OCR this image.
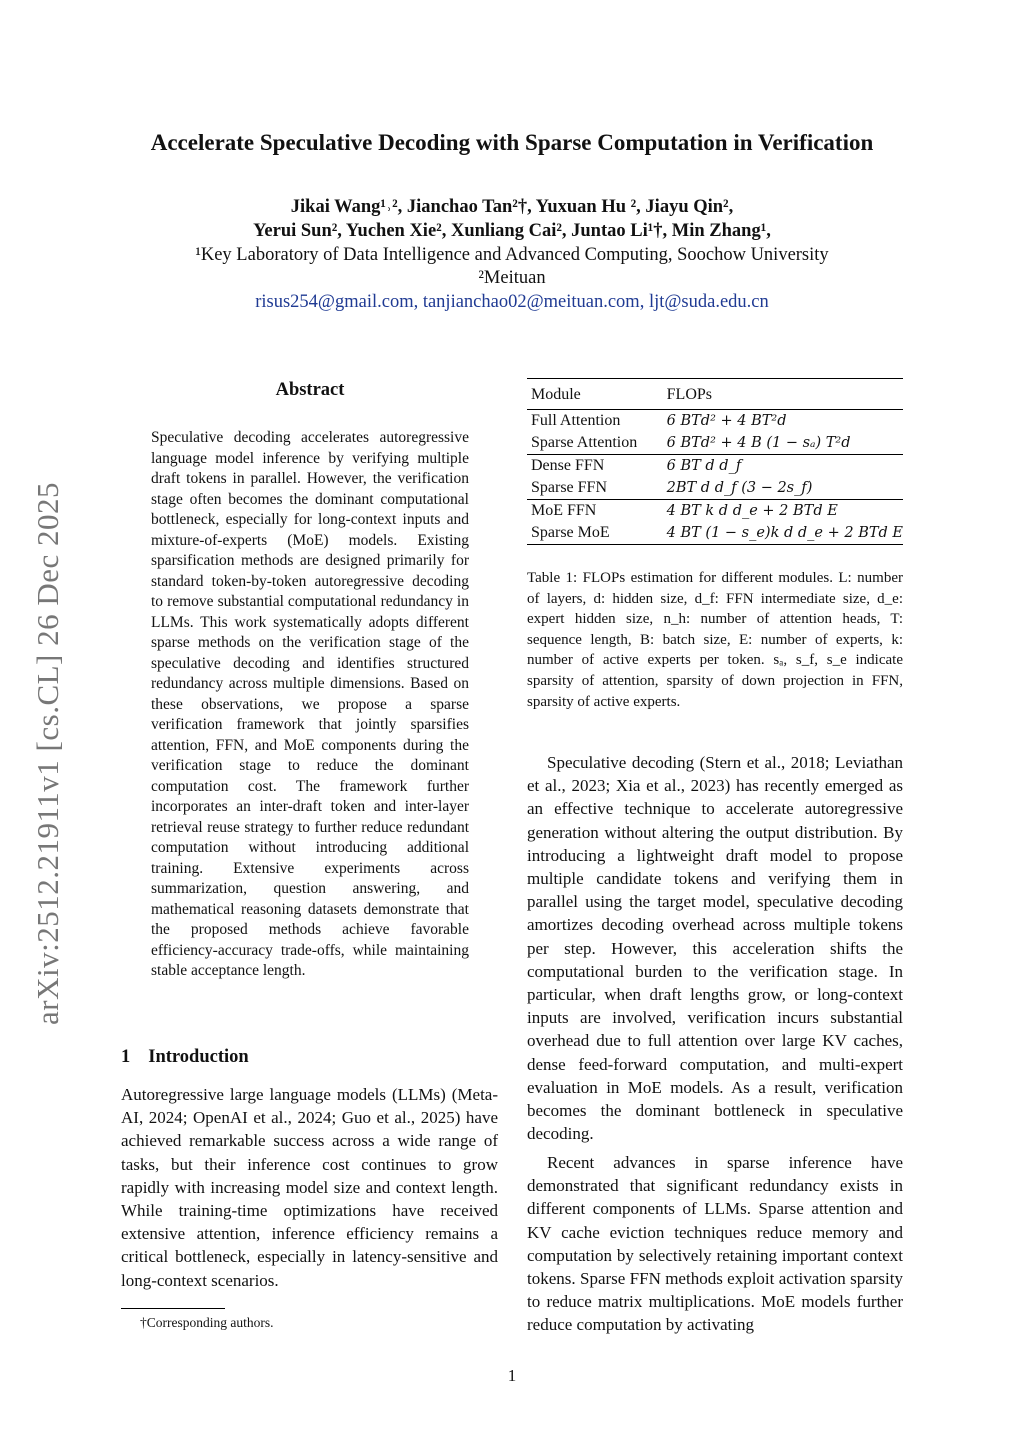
arXiv:2512.21911v1 [cs.CL] 26 Dec 2025
Accelerate Speculative Decoding with Sparse Computation in Verification
Jikai Wang¹˒², Jianchao Tan²†, Yuxuan Hu ², Jiayu Qin²,
Yerui Sun², Yuchen Xie², Xunliang Cai², Juntao Li¹†, Min Zhang¹,
¹Key Laboratory of Data Intelligence and Advanced Computing, Soochow University
²Meituan
risus254@gmail.com, tanjianchao02@meituan.com, ljt@suda.edu.cn
Abstract
Speculative decoding accelerates autoregressive language model inference by verifying multiple draft tokens in parallel. However, the verification stage often becomes the dominant computational bottleneck, especially for long-context inputs and mixture-of-experts (MoE) models. Existing sparsification methods are designed primarily for standard token-by-token autoregressive decoding to remove substantial computational redundancy in LLMs. This work systematically adopts different sparse methods on the verification stage of the speculative decoding and identifies structured redundancy across multiple dimensions. Based on these observations, we propose a sparse verification framework that jointly sparsifies attention, FFN, and MoE components during the verification stage to reduce the dominant computation cost. The framework further incorporates an inter-draft token and inter-layer retrieval reuse strategy to further reduce redundant computation without introducing additional training. Extensive experiments across summarization, question answering, and mathematical reasoning datasets demonstrate that the proposed methods achieve favorable efficiency-accuracy trade-offs, while maintaining stable acceptance length.
1 Introduction
Autoregressive large language models (LLMs) (Meta-AI, 2024; OpenAI et al., 2024; Guo et al., 2025) have achieved remarkable success across a wide range of tasks, but their inference cost continues to grow rapidly with increasing model size and context length. While training-time optimizations have received extensive attention, inference efficiency remains a critical bottleneck, especially in latency-sensitive and long-context scenarios.
Module	FLOPs
Full Attention	6 BTd² + 4 BT²d
Sparse Attention	6 BTd² + 4 B (1 − sₐ) T²d
Dense FFN	6 BT d d_f
Sparse FFN	2BT d d_f (3 − 2s_f)
MoE FFN	4 BT k d d_e + 2 BTd E
Sparse MoE	4 BT (1 − s_e)k d d_e + 2 BTd E
Table 1: FLOPs estimation for different modules. L: number of layers, d: hidden size, d_f: FFN intermediate size, d_e: expert hidden size, n_h: number of attention heads, T: sequence length, B: batch size, E: number of experts, k: number of active experts per token. sₐ, s_f, s_e indicate sparsity of attention, sparsity of down projection in FFN, sparsity of active experts.
Speculative decoding (Stern et al., 2018; Leviathan et al., 2023; Xia et al., 2023) has recently emerged as an effective technique to accelerate autoregressive generation without altering the output distribution. By introducing a lightweight draft model to propose multiple candidate tokens and verifying them in parallel using the target model, speculative decoding amortizes decoding overhead across multiple tokens per step. However, this acceleration shifts the computational burden to the verification stage. In particular, when draft lengths grow, or long-context inputs are involved, verification incurs substantial overhead due to full attention over large KV caches, dense feed-forward computation, and multi-expert evaluation in MoE models. As a result, verification becomes the dominant bottleneck in speculative decoding.
Recent advances in sparse inference have demonstrated that significant redundancy exists in different components of LLMs. Sparse attention and KV cache eviction techniques reduce memory and computation by selectively retaining important context tokens. Sparse FFN methods exploit activation sparsity to reduce matrix multiplications. MoE models further reduce computation by activating
†Corresponding authors.
1
